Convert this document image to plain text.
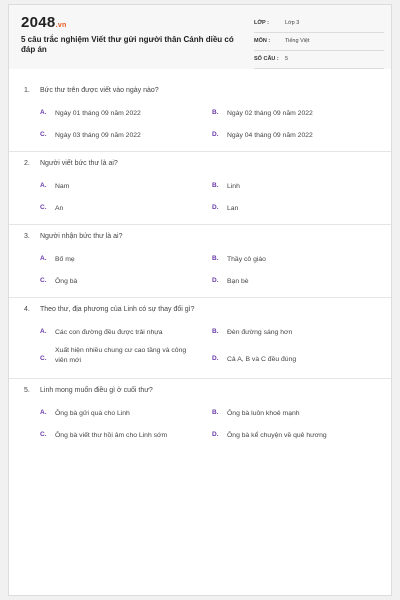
2048.vn
5 câu trắc nghiệm Viết thư gửi người thân Cánh diều có đáp án
LỚP :	Lớp 3
MÔN :	Tiếng Việt
SỐ CÂU : 5
1. Bức thư trên được viết vào ngày nào?
A. Ngày 01 tháng 09 năm 2022	B. Ngày 02 tháng 09 năm 2022
C. Ngày 03 tháng 09 năm 2022	D. Ngày 04 tháng 09 năm 2022
2. Người viết bức thư là ai?
A. Nam	B. Linh
C. An	D. Lan
3. Người nhận bức thư là ai?
A. Bố mẹ	B. Thầy cô giáo
C. Ông bà	D. Bạn bè
4. Theo thư, địa phương của Linh có sự thay đổi gì?
A. Các con đường đều được trải nhựa	B. Đèn đường sáng hơn
C.
Xuất hiện nhiều chung cư cao tầng và công viên mới	D. Cả A, B và C đều đúng
5. Linh mong muốn điều gì ở cuối thư?
A. Ông bà gửi quà cho Linh	B. Ông bà luôn khoẻ mạnh
C. Ông bà viết thư hồi âm cho Linh sớm	D. Ông bà kể chuyện về quê hương
